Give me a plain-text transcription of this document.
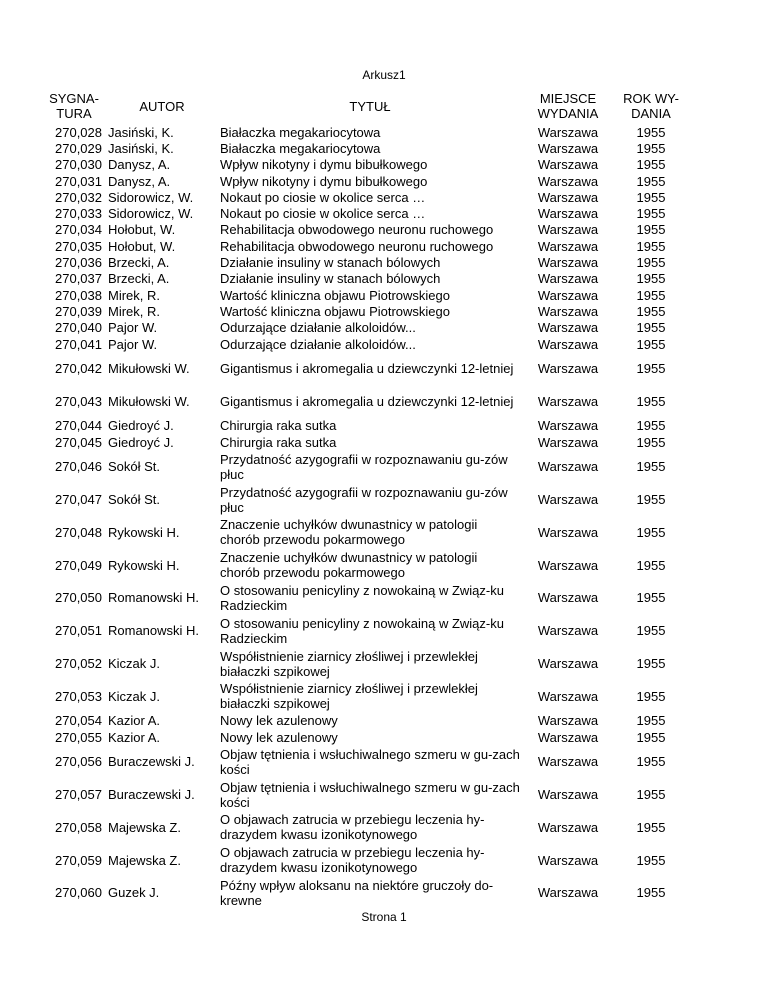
Arkusz1
SYGNA-TURA	AUTOR	TYTUŁ	MIEJSCE WYDANIA	ROK WY-DANIA
270,028	Jasiński, K.	Białaczka megakariocytowa	Warszawa	1955
270,029	Jasiński, K.	Białaczka megakariocytowa	Warszawa	1955
270,030	Danysz, A.	Wpływ nikotyny i dymu bibułkowego	Warszawa	1955
270,031	Danysz, A.	Wpływ nikotyny i dymu bibułkowego	Warszawa	1955
270,032	Sidorowicz, W.	Nokaut po ciosie w okolice serca …	Warszawa	1955
270,033	Sidorowicz, W.	Nokaut po ciosie w okolice serca …	Warszawa	1955
270,034	Hołobut, W.	Rehabilitacja obwodowego neuronu ruchowego	Warszawa	1955
270,035	Hołobut, W.	Rehabilitacja obwodowego neuronu ruchowego	Warszawa	1955
270,036	Brzecki, A.	Działanie insuliny w stanach bólowych	Warszawa	1955
270,037	Brzecki, A.	Działanie insuliny w stanach bólowych	Warszawa	1955
270,038	Mirek, R.	Wartość kliniczna objawu Piotrowskiego	Warszawa	1955
270,039	Mirek, R.	Wartość kliniczna objawu Piotrowskiego	Warszawa	1955
270,040	Pajor W.	Odurzające działanie alkoloidów...	Warszawa	1955
270,041	Pajor W.	Odurzające działanie alkoloidów...	Warszawa	1955
270,042	Mikułowski W.	Gigantismus i akromegalia u dziewczynki 12-letniej	Warszawa	1955
270,043	Mikułowski W.	Gigantismus i akromegalia u dziewczynki 12-letniej	Warszawa	1955
270,044	Giedroyć J.	Chirurgia raka sutka	Warszawa	1955
270,045	Giedroyć J.	Chirurgia raka sutka	Warszawa	1955
270,046	Sokół St.	Przydatność azygografii w rozpoznawaniu gu-zów płuc	Warszawa	1955
270,047	Sokół St.	Przydatność azygografii w rozpoznawaniu gu-zów płuc	Warszawa	1955
270,048	Rykowski H.	Znaczenie uchyłków dwunastnicy w patologii chorób przewodu pokarmowego	Warszawa	1955
270,049	Rykowski H.	Znaczenie uchyłków dwunastnicy w patologii chorób przewodu pokarmowego	Warszawa	1955
270,050	Romanowski H.	O stosowaniu penicyliny z nowokainą w Związ-ku Radzieckim	Warszawa	1955
270,051	Romanowski H.	O stosowaniu penicyliny z nowokainą w Związ-ku Radzieckim	Warszawa	1955
270,052	Kiczak J.	Współistnienie ziarnicy złośliwej i przewlekłej białaczki szpikowej	Warszawa	1955
270,053	Kiczak J.	Współistnienie ziarnicy złośliwej i przewlekłej białaczki szpikowej	Warszawa	1955
270,054	Kazior A.	Nowy lek azulenowy	Warszawa	1955
270,055	Kazior A.	Nowy lek azulenowy	Warszawa	1955
270,056	Buraczewski J.	Objaw tętnienia i wsłuchiwalnego szmeru w gu-zach kości	Warszawa	1955
270,057	Buraczewski J.	Objaw tętnienia i wsłuchiwalnego szmeru w gu-zach kości	Warszawa	1955
270,058	Majewska Z.	O objawach zatrucia w przebiegu leczenia hy-drazydem kwasu izonikotynowego	Warszawa	1955
270,059	Majewska Z.	O objawach zatrucia w przebiegu leczenia hy-drazydem kwasu izonikotynowego	Warszawa	1955
270,060	Guzek J.	Późny wpływ aloksanu na niektóre gruczoły do-krewne	Warszawa	1955
Strona 1
